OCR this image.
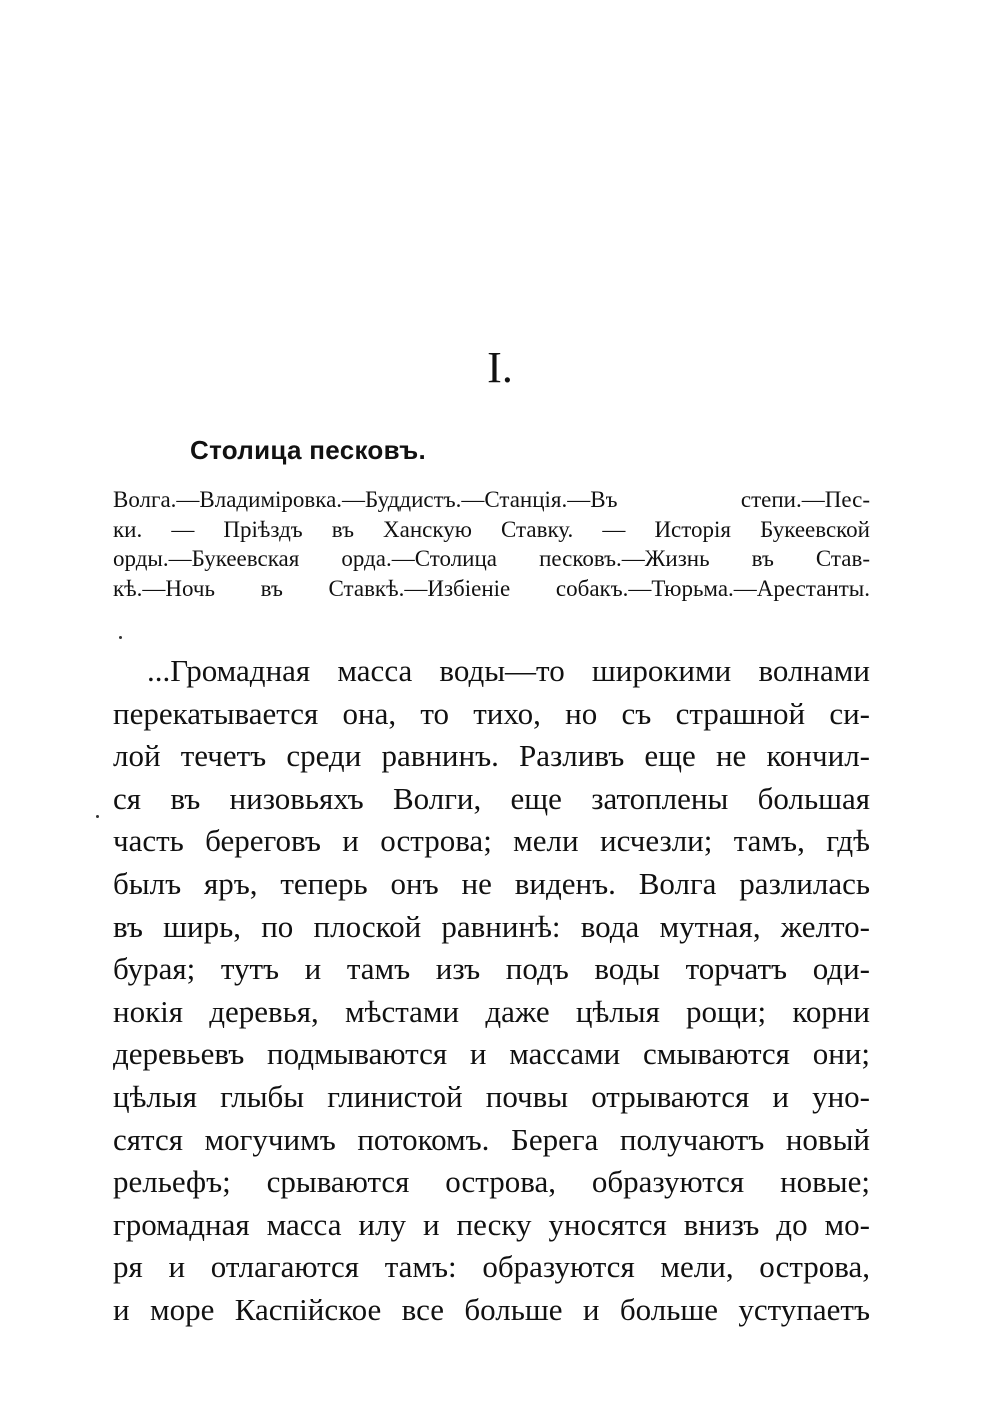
I.
Столица песковъ.
Волга.—Владиміровка.—Буддистъ.—Станція.—Въ степи.—Пес-
ки. — Пріѣздъ въ Ханскую Ставку. — Исторія Букеевской
орды.—Букеевская орда.—Столица песковъ.—Жизнь въ Став-
кѣ.—Ночь въ Ставкѣ.—Избіеніе собакъ.—Тюрьма.—Арестанты.
...Громадная масса воды—то широкими волнами
перекатывается она, то тихо, но съ страшной си-
лой течетъ среди равнинъ. Разливъ еще не кончил-
ся въ низовьяхъ Волги, еще затоплены большая
часть береговъ и острова; мели исчезли; тамъ, гдѣ
былъ яръ, теперь онъ не виденъ. Волга разлилась
въ ширь, по плоской равнинѣ: вода мутная, желто-
бурая; тутъ и тамъ изъ подъ воды торчатъ оди-
нокія деревья, мѣстами даже цѣлыя рощи; корни
деревьевъ подмываются и массами смываются они;
цѣлыя глыбы глинистой почвы отрываются и уно-
сятся могучимъ потокомъ. Берега получаютъ новый
рельефъ; срываются острова, образуются новые;
громадная масса илу и песку уносятся внизъ до мо-
ря и отлагаются тамъ: образуются мели, острова,
и море Каспійское все больше и больше уступаетъ
